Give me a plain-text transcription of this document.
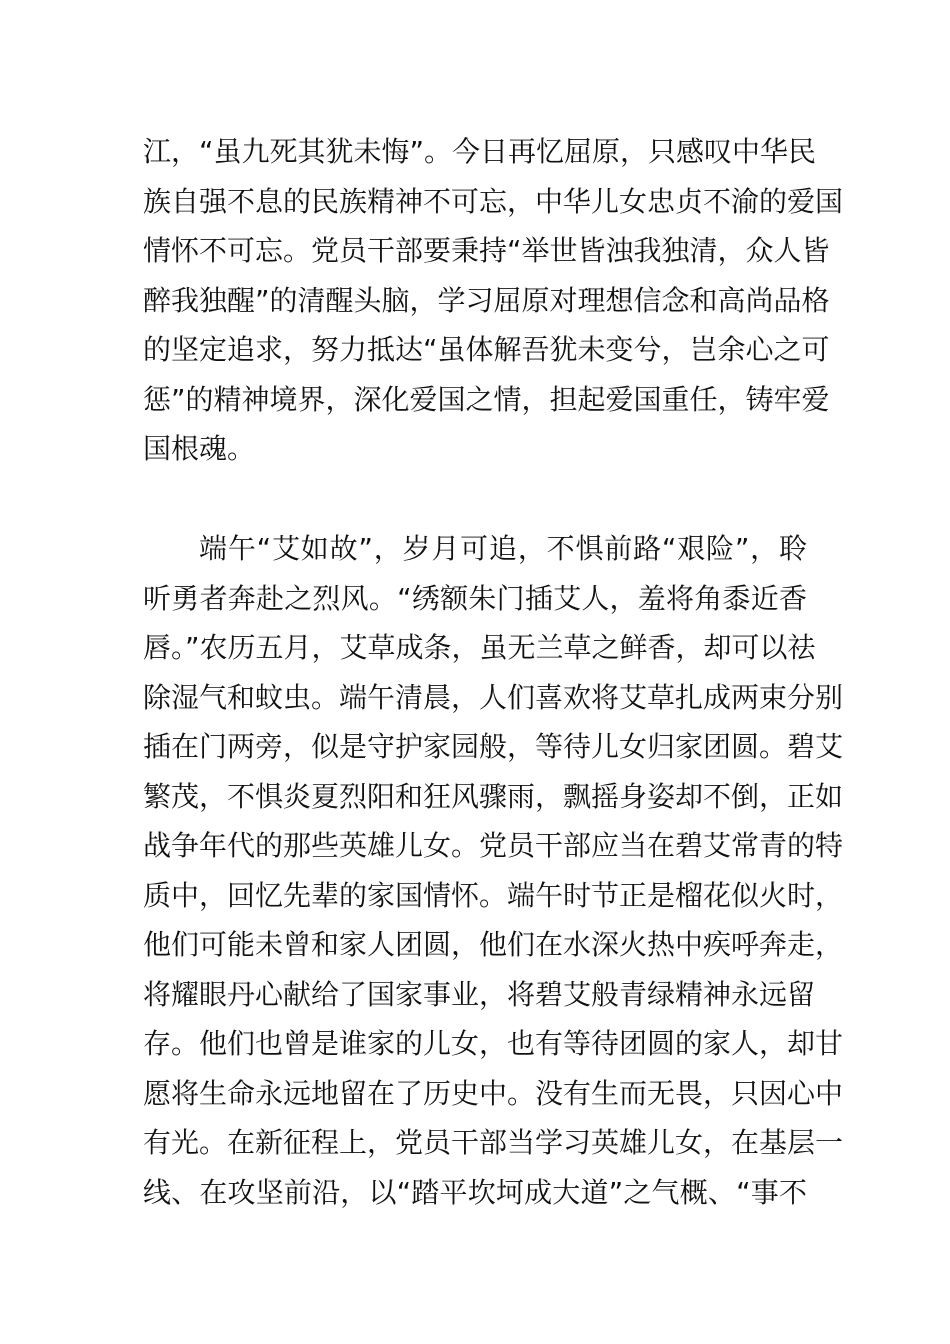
江，“虽九死其犹未悔”。今日再忆屈原，只感叹中华民
族自强不息的民族精神不可忘，中华儿女忠贞不渝的爱国
情怀不可忘。党员干部要秉持“举世皆浊我独清，众人皆
醉我独醒”的清醒头脑，学习屈原对理想信念和高尚品格
的坚定追求，努力抵达“虽体解吾犹未变兮，岂余心之可
惩”的精神境界，深化爱国之情，担起爱国重任，铸牢爱
国根魂。
端午“艾如故”，岁月可追，不惧前路“艰险”，聆
听勇者奔赴之烈风。“绣额朱门插艾人，羞将角黍近香
唇。”农历五月，艾草成条，虽无兰草之鲜香，却可以祛
除湿气和蚊虫。端午清晨，人们喜欢将艾草扎成两束分别
插在门两旁，似是守护家园般，等待儿女归家团圆。碧艾
繁茂，不惧炎夏烈阳和狂风骤雨，飘摇身姿却不倒，正如
战争年代的那些英雄儿女。党员干部应当在碧艾常青的特
质中，回忆先辈的家国情怀。端午时节正是榴花似火时，
他们可能未曾和家人团圆，他们在水深火热中疾呼奔走，
将耀眼丹心献给了国家事业，将碧艾般青绿精神永远留
存。他们也曾是谁家的儿女，也有等待团圆的家人，却甘
愿将生命永远地留在了历史中。没有生而无畏，只因心中
有光。在新征程上，党员干部当学习英雄儿女，在基层一
线、在攻坚前沿，以“踏平坎坷成大道”之气概、“事不
